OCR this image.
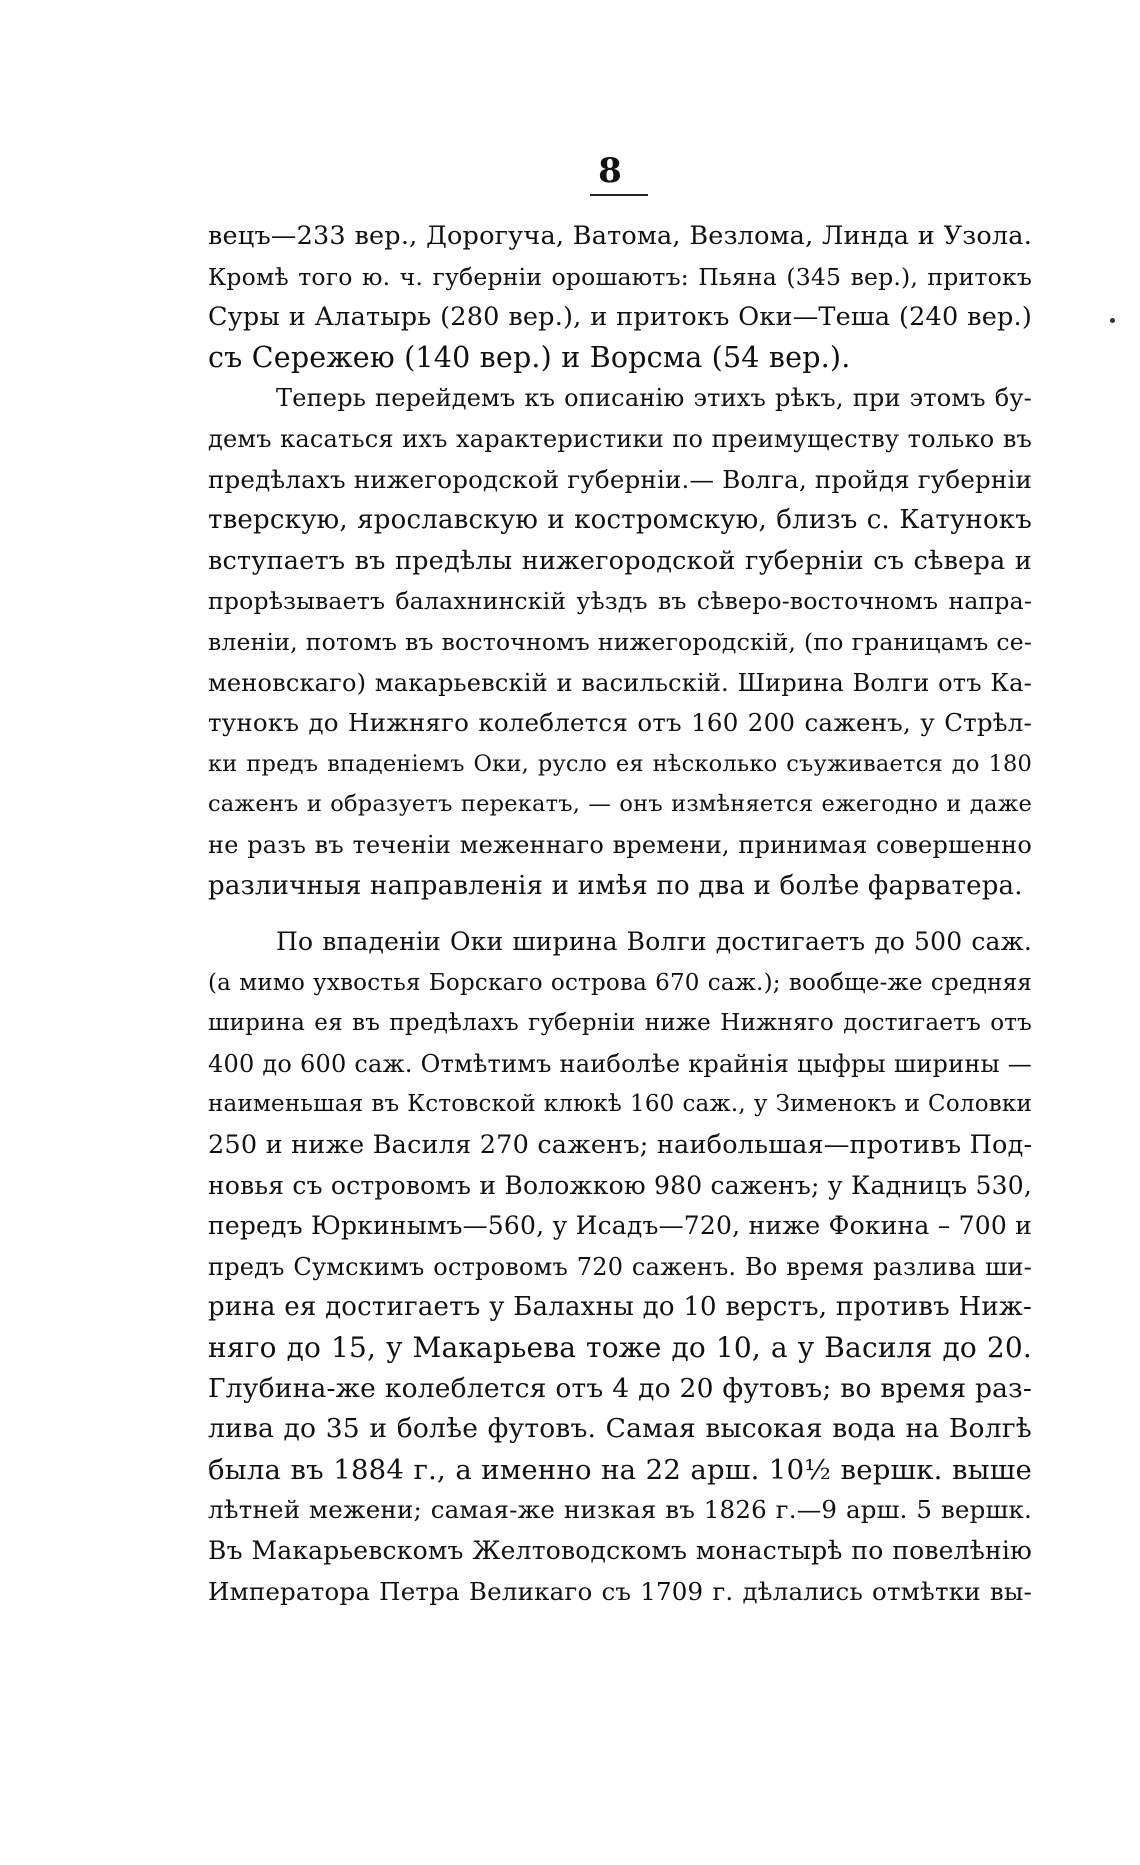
8
вецъ—233 вер., Дорогуча, Ватома, Везлома, Линда и Узола.
Кромѣ того ю. ч. губерніи орошаютъ: Пьяна (345 вер.), притокъ
Суры и Алатырь (280 вер.), и притокъ Оки—Теша (240 вер.)
съ Сережею (140 вер.) и Ворсма (54 вер.).
Теперь перейдемъ къ описанію этихъ рѣкъ, при этомъ бу-
демъ касаться ихъ характеристики по преимуществу только въ
предѣлахъ нижегородской губерніи.— Волга, пройдя губерніи
тверскую, ярославскую и костромскую, близъ с. Катунокъ
вступаетъ въ предѣлы нижегородской губерніи съ сѣвера и
прорѣзываетъ балахнинскій уѣздъ въ сѣверо-восточномъ напра-
вленіи, потомъ въ восточномъ нижегородскій, (по границамъ се-
меновскаго) макарьевскій и васильскій. Ширина Волги отъ Ка-
тунокъ до Нижняго колеблется отъ 160 200 саженъ, у Стрѣл-
ки предъ впаденіемъ Оки, русло ея нѣсколько съуживается до 180
саженъ и образуетъ перекатъ, — онъ измѣняется ежегодно и даже
не разъ въ теченіи меженнаго времени, принимая совершенно
различныя направленія и имѣя по два и болѣе фарватера.
По впаденіи Оки ширина Волги достигаетъ до 500 саж.
(а мимо ухвостья Борскаго острова 670 саж.); вообще-же средняя
ширина ея въ предѣлахъ губерніи ниже Нижняго достигаетъ отъ
400 до 600 саж. Отмѣтимъ наиболѣе крайнія цыфры ширины —
наименьшая въ Кстовской клюкѣ 160 саж., у Зименокъ и Соловки
250 и ниже Василя 270 саженъ; наибольшая—противъ Под-
новья съ островомъ и Воложкою 980 саженъ; у Кадницъ 530,
передъ Юркинымъ—560, у Исадъ—720, ниже Фокина – 700 и
предъ Сумскимъ островомъ 720 саженъ. Во время разлива ши-
рина ея достигаетъ у Балахны до 10 верстъ, противъ Ниж-
няго до 15, у Макарьева тоже до 10, а у Василя до 20.
Глубина-же колеблется отъ 4 до 20 футовъ; во время раз-
лива до 35 и болѣе футовъ. Самая высокая вода на Волгѣ
была въ 1884 г., а именно на 22 арш. 10½ вершк. выше
лѣтней межени; самая-же низкая въ 1826 г.—9 арш. 5 вершк.
Въ Макарьевскомъ Желтоводскомъ монастырѣ по повелѣнію
Императора Петра Великаго съ 1709 г. дѣлались отмѣтки вы-
